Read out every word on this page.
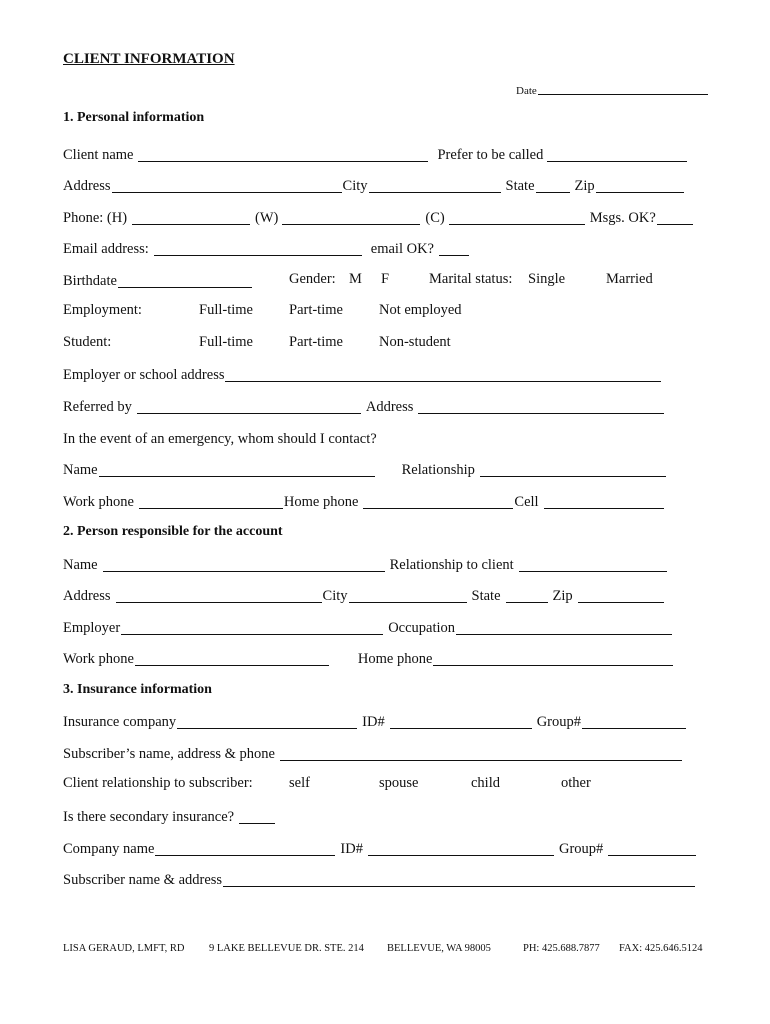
CLIENT INFORMATION
Date
1. Personal information
Client name	Prefer to be called
Address	City	State	Zip
Phone: (H)	(W)	(C)	Msgs. OK?
Email address:	email OK?
Birthdate	Gender: M F	Marital status: Single	Married
Employment:	Full-time Part-time Not employed
Student:	Full-time Part-time Non-student
Employer or school address
Referred by	Address
In the event of an emergency, whom should I contact?
Name	Relationship
Work phone	Home phone	Cell
2. Person responsible for the account
Name	Relationship to client
Address	City	State	Zip
Employer	Occupation
Work phone	Home phone
3. Insurance information
Insurance company	ID#	Group#
Subscriber’s name, address & phone
Client relationship to subscriber:	self	spouse	child	other
Is there secondary insurance?
Company name	ID#	Group#
Subscriber name & address
LISA GERAUD, LMFT, RD 9 LAKE BELLEVUE DR. STE. 214 BELLEVUE, WA 98005	PH: 425.688.7877 FAX: 425.646.5124
